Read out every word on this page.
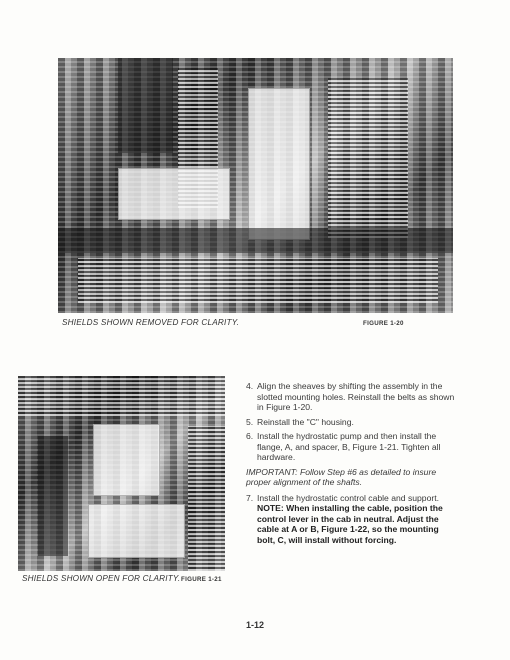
SHIELDS SHOWN REMOVED FOR CLARITY.	FIGURE 1-20
SHIELDS SHOWN OPEN FOR CLARITY. FIGURE 1-21
4. Align the sheaves by shifting the assembly in the slotted mounting holes. Reinstall the belts as shown in Figure 1-20.
5. Reinstall the "C" housing.
6. Install the hydrostatic pump and then install the flange, A, and spacer, B, Figure 1-21. Tighten all hardware.
IMPORTANT: Follow Step #6 as detailed to insure proper alignment of the shafts.
7. Install the hydrostatic control cable and support. NOTE: When installing the cable, position the control lever in the cab in neutral. Adjust the cable at A or B, Figure 1-22, so the mounting bolt, C, will install without forcing.
1-12
